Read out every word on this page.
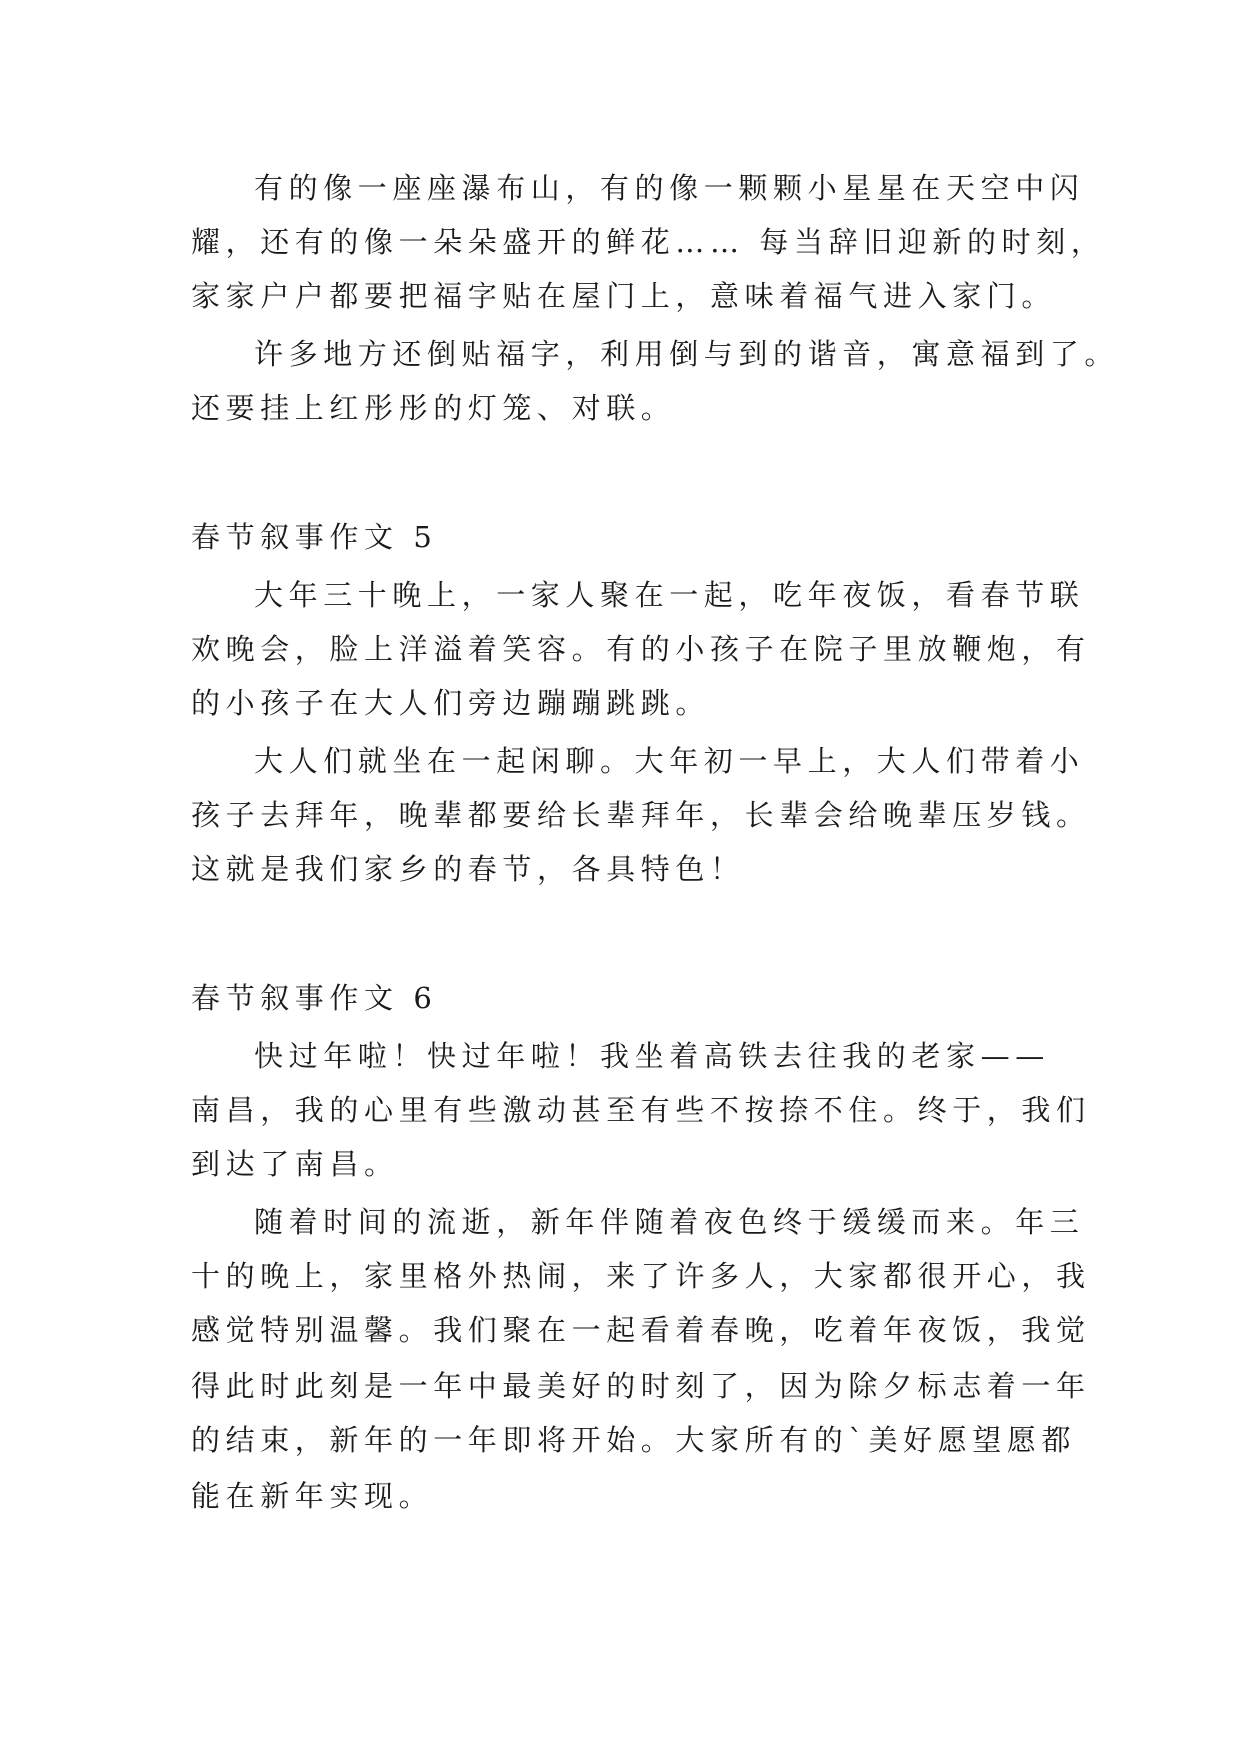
有的像一座座瀑布山，有的像一颗颗小星星在天空中闪
耀，还有的像一朵朵盛开的鲜花…… 每当辞旧迎新的时刻，
家家户户都要把福字贴在屋门上，意味着福气进入家门。
许多地方还倒贴福字，利用倒与到的谐音，寓意福到了。
还要挂上红彤彤的灯笼、对联。
春节叙事作文 5
大年三十晚上，一家人聚在一起，吃年夜饭，看春节联
欢晚会，脸上洋溢着笑容。有的小孩子在院子里放鞭炮，有
的小孩子在大人们旁边蹦蹦跳跳。
大人们就坐在一起闲聊。大年初一早上，大人们带着小
孩子去拜年，晚辈都要给长辈拜年，长辈会给晚辈压岁钱。
这就是我们家乡的春节，各具特色！
春节叙事作文 6
快过年啦！快过年啦！我坐着高铁去往我的老家——
南昌，我的心里有些激动甚至有些不按捺不住。终于，我们
到达了南昌。
随着时间的流逝，新年伴随着夜色终于缓缓而来。年三
十的晚上，家里格外热闹，来了许多人，大家都很开心，我
感觉特别温馨。我们聚在一起看着春晚，吃着年夜饭，我觉
得此时此刻是一年中最美好的时刻了，因为除夕标志着一年
的结束，新年的一年即将开始。大家所有的`美好愿望愿都
能在新年实现。
